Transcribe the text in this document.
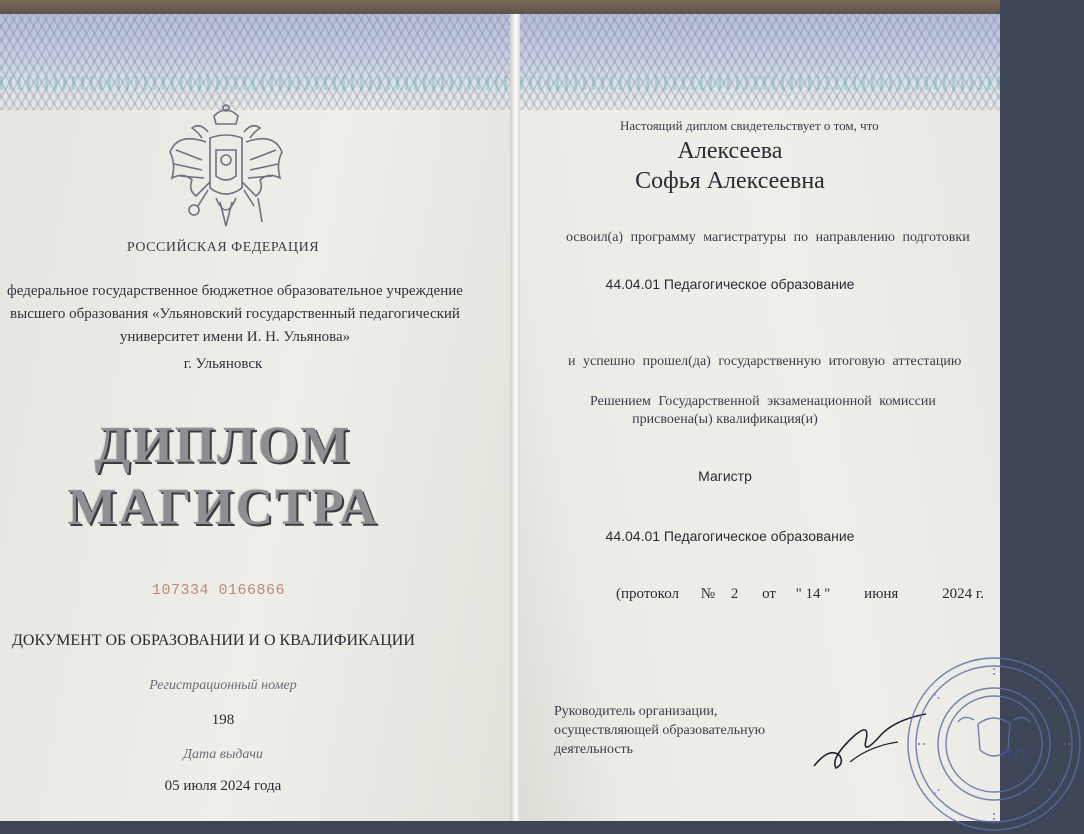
РОССИЙСКАЯ ФЕДЕРАЦИЯ

федеральное государственное бюджетное образовательное учреждение высшего образования «Ульяновский государственный педагогический университет имени И. Н. Ульянова»

г. Ульяновск

ДИПЛОМ

МАГИСТРА

107334 0166866

ДОКУМЕНТ ОБ ОБРАЗОВАНИИ И О КВАЛИФИКАЦИИ

Регистрационный номер

198

Дата выдачи

05 июля 2024 года

Настоящий диплом свидетельствует о том, что

Алексеева

Софья Алексеевна

освоил(а) программу магистратуры по направлению подготовки

44.04.01 Педагогическое образование

и успешно прошел(да) государственную итоговую аттестацию

Решением Государственной экзаменационной комиссии

присвоена(ы) квалификация(и)

Магистр

44.04.01 Педагогическое образование

(протокол № 2 от " 14 " июня	2024 г.

Руководитель организации, осуществляющей образовательную деятельность	И.О.
